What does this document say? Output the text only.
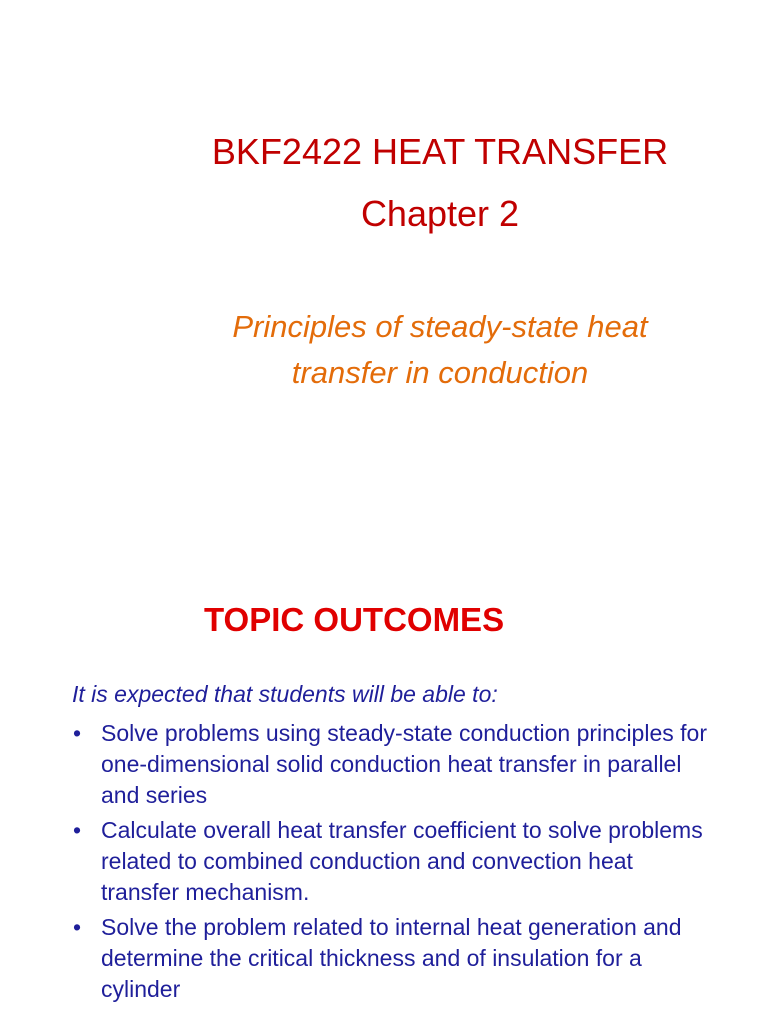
BKF2422 HEAT TRANSFER
Chapter 2

Principles of steady-state heat transfer in conduction

TOPIC OUTCOMES

It is expected that students will be able to:

• Solve problems using steady-state conduction principles for one-dimensional solid conduction heat transfer in parallel and series
• Calculate overall heat transfer coefficient to solve problems related to combined conduction and convection heat transfer mechanism.
• Solve the problem related to internal heat generation and determine the critical thickness and of insulation for a cylinder
